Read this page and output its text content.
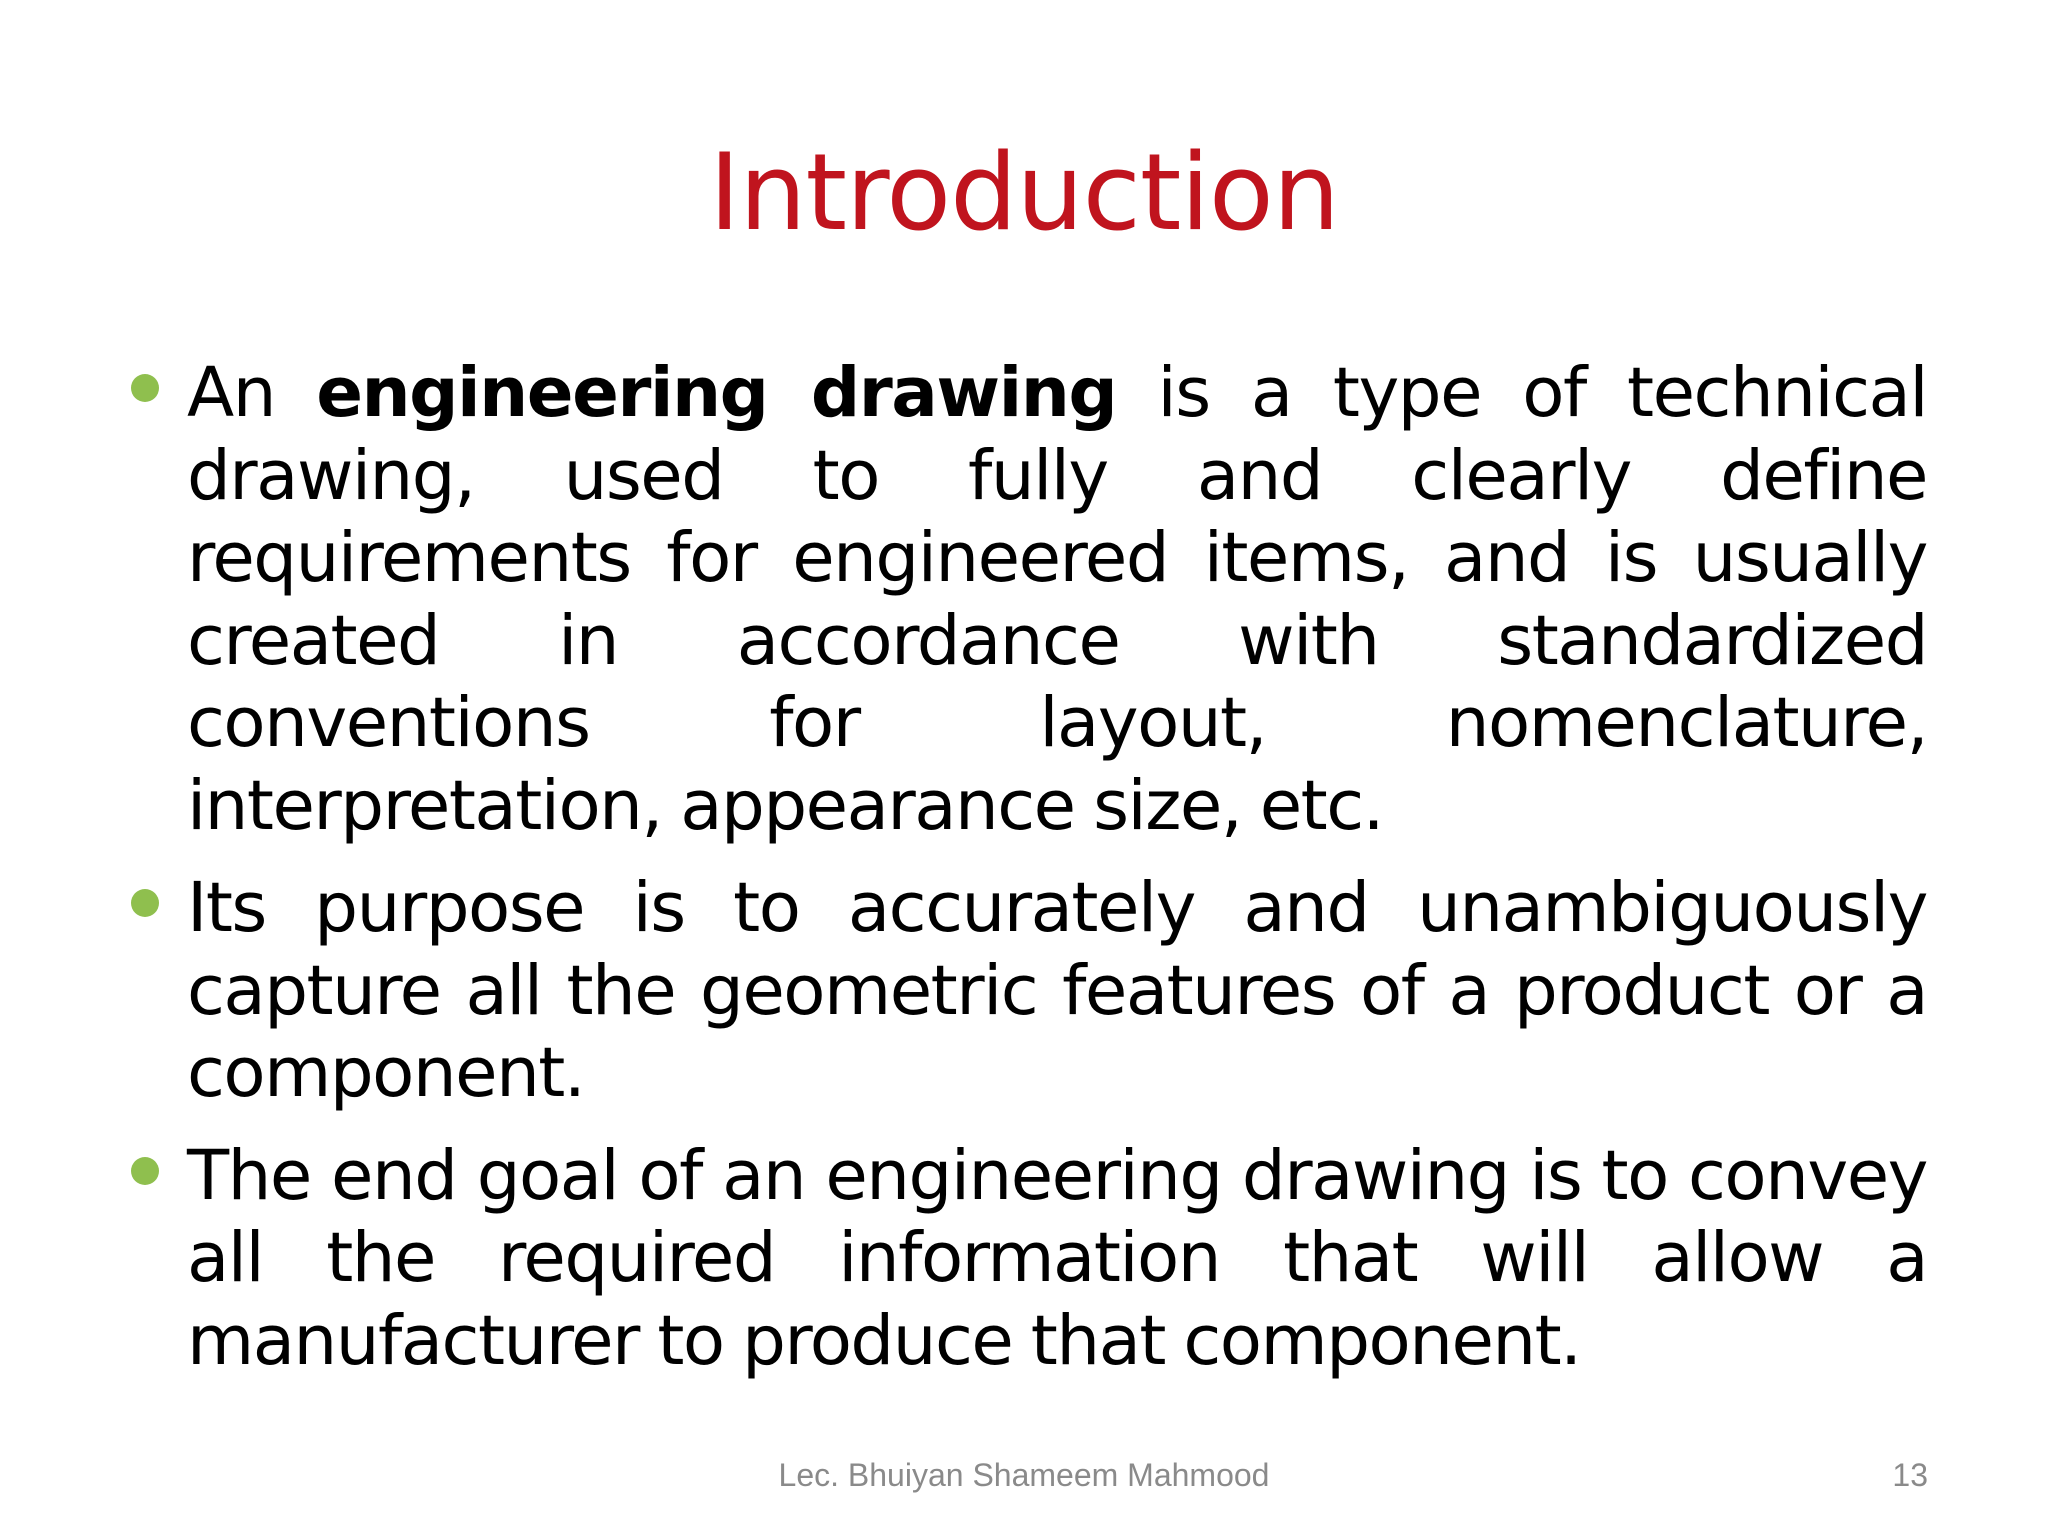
Introduction
An engineering drawing is a type of technical drawing, used to fully and clearly define requirements for engineered items, and is usually created in accordance with standardized conventions for layout, nomenclature, interpretation, appearance size, etc.
Its purpose is to accurately and unambiguously capture all the geometric features of a product or a component.
The end goal of an engineering drawing is to convey all the required information that will allow a manufacturer to produce that component.
Lec. Bhuiyan Shameem Mahmood	13
